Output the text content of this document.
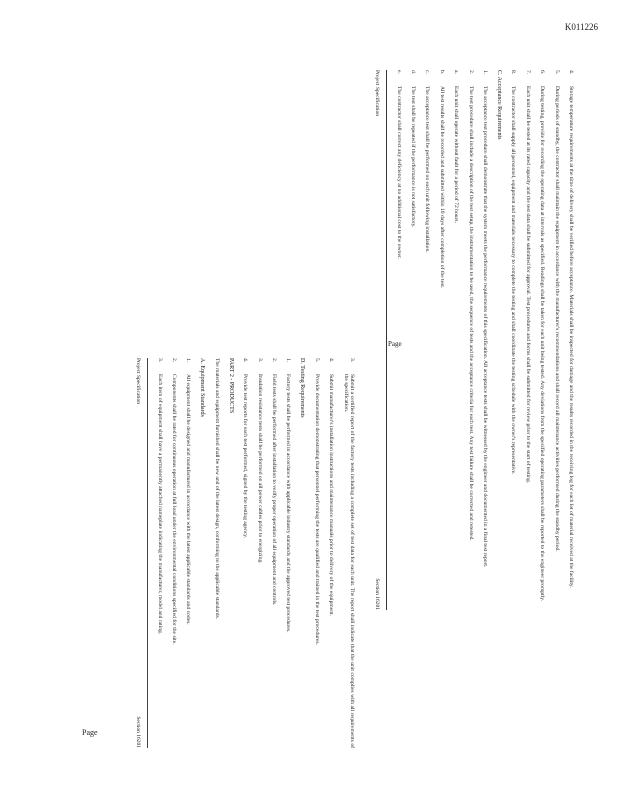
K011226
4.
Storage temperature requirements at the time of delivery shall be verified before acceptance. Materials shall be inspected for damage and the results recorded in the receiving log for each lot of material received at the facility.
5.
During periods of standby, the contractor shall maintain the equipment in accordance with the manufacturer's recommendations and shall record all maintenance activities performed during the standby period.
6.
During testing, provide for recording the operating data at intervals as specified. Readings shall be taken for each unit being tested. Any deviations from the specified operating parameters shall be reported to the engineer promptly.
7.
Each unit shall be tested at its rated capacity and the test data shall be submitted for approval. Test procedures and forms shall be submitted for review prior to the start of testing.
8.
The contractor shall supply all personnel, equipment and materials necessary to complete the testing and shall coordinate the testing schedule with the owner's representative.
C. Acceptance Requirements
1.
The acceptance test procedure shall demonstrate that the system meets the performance requirements of this specification. All acceptance tests shall be witnessed by the engineer and documented in a final test report.
2.
The test procedure shall include a description of the test setup, the instrumentation to be used, the sequence of tests and the acceptance criteria for each test. Any test failure shall be corrected and retested.
a.
Each unit shall operate without fault for a period of 72 hours.
b.
All test results shall be recorded and submitted within 10 days after completion of the test.
c.
The acceptance test shall be performed on each unit following installation.
d.
The test shall be repeated if the performance is not satisfactory.
e.
The contractor shall correct any deficiency at no additional cost to the owner.
Project Specification
Section 16201
Page
3.
Submit a certified report of the factory tests including a complete set of test data for each unit. The report shall indicate that the unit complies with all requirements of the specification.
4.
Submit manufacturer's installation instructions and maintenance manuals prior to delivery of the equipment.
5.
Provide documentation demonstrating that personnel performing the tests are qualified and trained in the test procedures.
D. Testing Requirements
1.
Factory tests shall be performed in accordance with applicable industry standards and the approved test procedures.
2.
Field tests shall be performed after installation to verify proper operation of all equipment and controls.
3.
Insulation resistance tests shall be performed on all power cables prior to energizing.
4.
Provide test reports for each test performed, signed by the testing agency.
PART 2 - PRODUCTS
The materials and equipment furnished shall be new and of the latest design, conforming to the applicable standards.
A. Equipment Standards
1.
All equipment shall be designed and manufactured in accordance with the latest applicable standards and codes.
2.
Components shall be rated for continuous operation at full load under the environmental conditions specified for the site.
3.
Each item of equipment shall have a permanently attached nameplate indicating the manufacturer, model and rating.
Project Specification
Section 16201
Page
